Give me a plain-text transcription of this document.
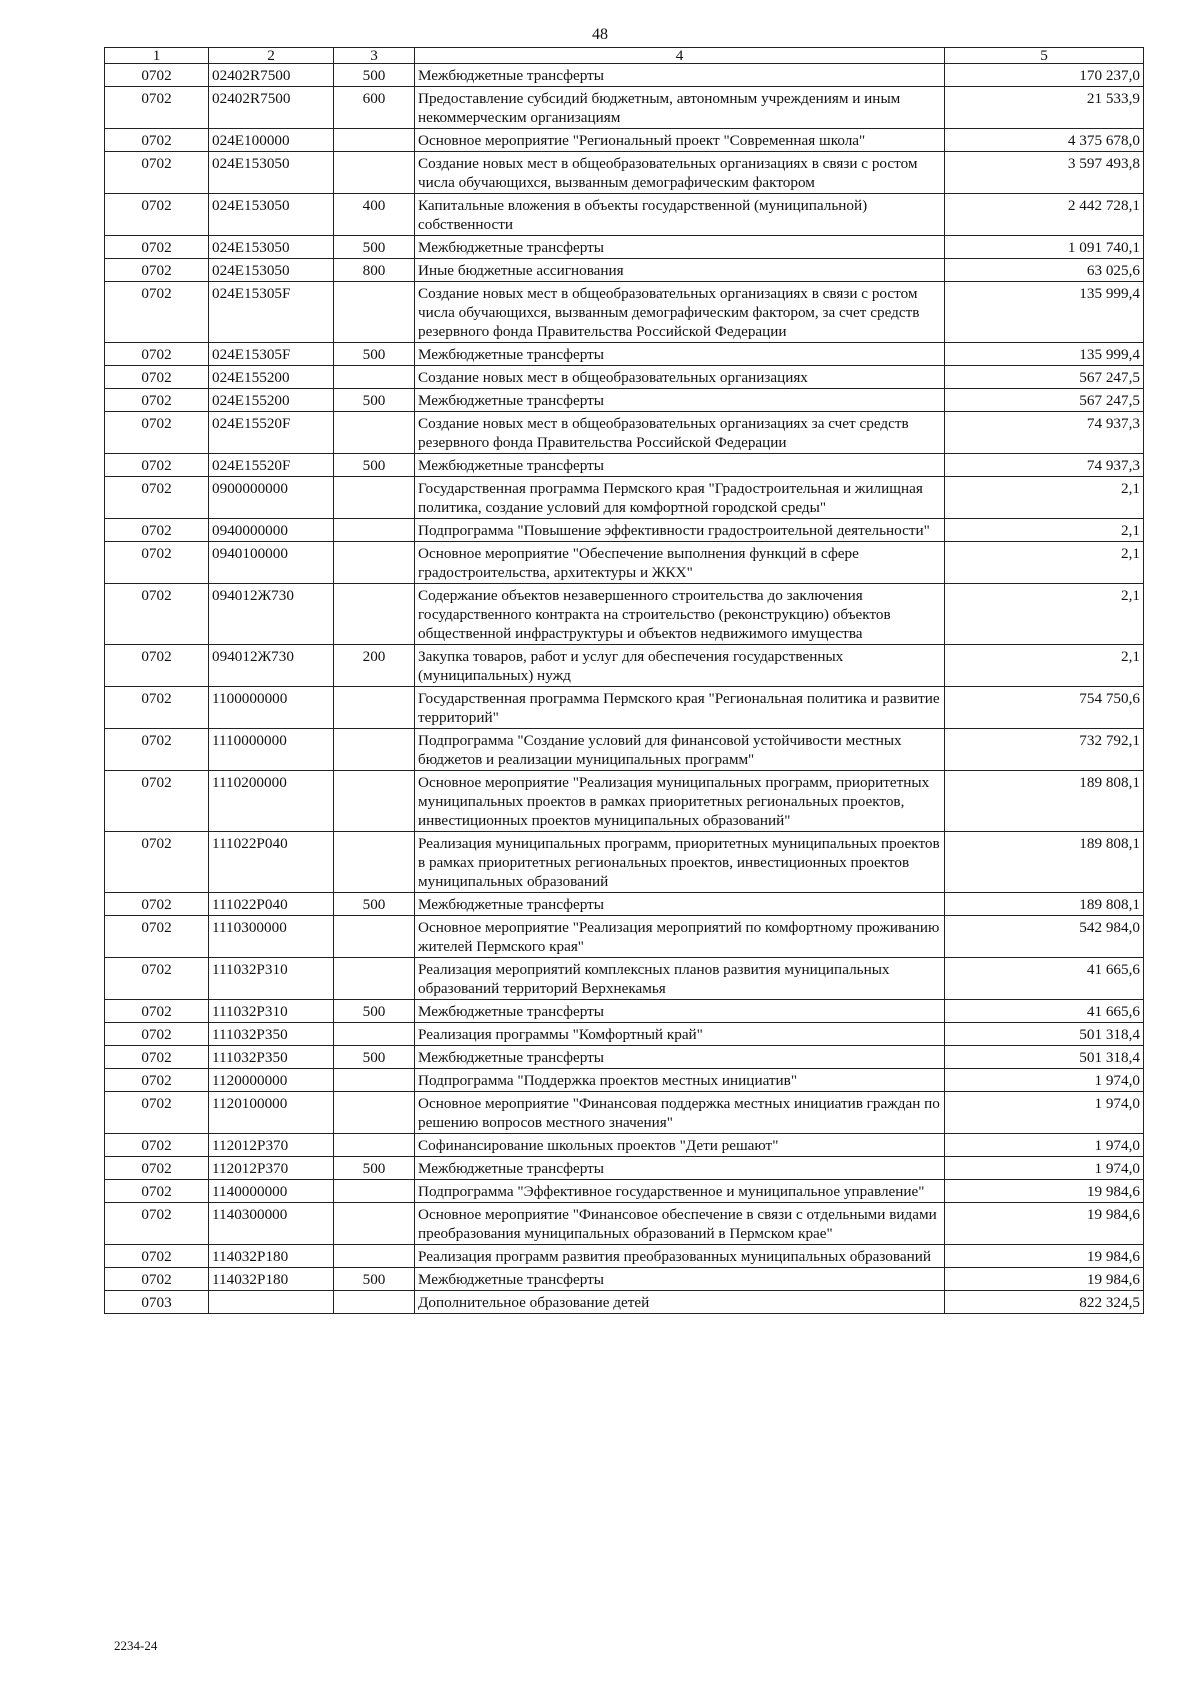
48
1	2	3	4	5
0702	02402R7500	500	Межбюджетные трансферты	170 237,0
0702	02402R7500	600	Предоставление субсидий бюджетным, автономным учреждениям и иным некоммерческим организациям	21 533,9
0702	024E100000		Основное мероприятие "Региональный проект "Современная школа"	4 375 678,0
0702	024E153050		Создание новых мест в общеобразовательных организациях в связи с ростом числа обучающихся, вызванным демографическим фактором	3 597 493,8
0702	024E153050	400	Капитальные вложения в объекты государственной (муниципальной) собственности	2 442 728,1
0702	024E153050	500	Межбюджетные трансферты	1 091 740,1
0702	024E153050	800	Иные бюджетные ассигнования	63 025,6
0702	024E15305F		Создание новых мест в общеобразовательных организациях в связи с ростом числа обучающихся, вызванным демографическим фактором, за счет средств резервного фонда Правительства Российской Федерации	135 999,4
0702	024E15305F	500	Межбюджетные трансферты	135 999,4
0702	024E155200		Создание новых мест в общеобразовательных организациях	567 247,5
0702	024E155200	500	Межбюджетные трансферты	567 247,5
0702	024E15520F		Создание новых мест в общеобразовательных организациях за счет средств резервного фонда Правительства Российской Федерации	74 937,3
0702	024E15520F	500	Межбюджетные трансферты	74 937,3
0702	0900000000		Государственная программа Пермского края "Градостроительная и жилищная политика, создание условий для комфортной городской среды"	2,1
0702	0940000000		Подпрограмма "Повышение эффективности градостроительной деятельности"	2,1
0702	0940100000		Основное мероприятие "Обеспечение выполнения функций в сфере градостроительства, архитектуры и ЖКХ"	2,1
0702	094012Ж730		Содержание объектов незавершенного строительства до заключения государственного контракта на строительство (реконструкцию) объектов общественной инфраструктуры и объектов недвижимого имущества	2,1
0702	094012Ж730	200	Закупка товаров, работ и услуг для обеспечения государственных (муниципальных) нужд	2,1
0702	1100000000		Государственная программа Пермского края "Региональная политика и развитие территорий"	754 750,6
0702	1110000000		Подпрограмма "Создание условий для финансовой устойчивости местных бюджетов и реализации муниципальных программ"	732 792,1
0702	1110200000		Основное мероприятие "Реализация муниципальных программ, приоритетных муниципальных проектов в рамках приоритетных региональных проектов, инвестиционных проектов муниципальных образований"	189 808,1
0702	111022Р040		Реализация муниципальных программ, приоритетных муниципальных проектов в рамках приоритетных региональных проектов, инвестиционных проектов муниципальных образований	189 808,1
0702	111022Р040	500	Межбюджетные трансферты	189 808,1
0702	1110300000		Основное мероприятие "Реализация мероприятий по комфортному проживанию жителей Пермского края"	542 984,0
0702	111032Р310		Реализация мероприятий комплексных планов развития муниципальных образований территорий Верхнекамья	41 665,6
0702	111032Р310	500	Межбюджетные трансферты	41 665,6
0702	111032Р350		Реализация программы "Комфортный край"	501 318,4
0702	111032Р350	500	Межбюджетные трансферты	501 318,4
0702	1120000000		Подпрограмма "Поддержка проектов местных инициатив"	1 974,0
0702	1120100000		Основное мероприятие "Финансовая поддержка местных инициатив граждан по решению вопросов местного значения"	1 974,0
0702	112012Р370		Софинансирование школьных проектов "Дети решают"	1 974,0
0702	112012Р370	500	Межбюджетные трансферты	1 974,0
0702	1140000000		Подпрограмма "Эффективное государственное и муниципальное управление"	19 984,6
0702	1140300000		Основное мероприятие "Финансовое обеспечение в связи с отдельными видами преобразования муниципальных образований в Пермском крае"	19 984,6
0702	114032Р180		Реализация программ развития преобразованных муниципальных образований	19 984,6
0702	114032Р180	500	Межбюджетные трансферты	19 984,6
0703			Дополнительное образование детей	822 324,5
2234-24
